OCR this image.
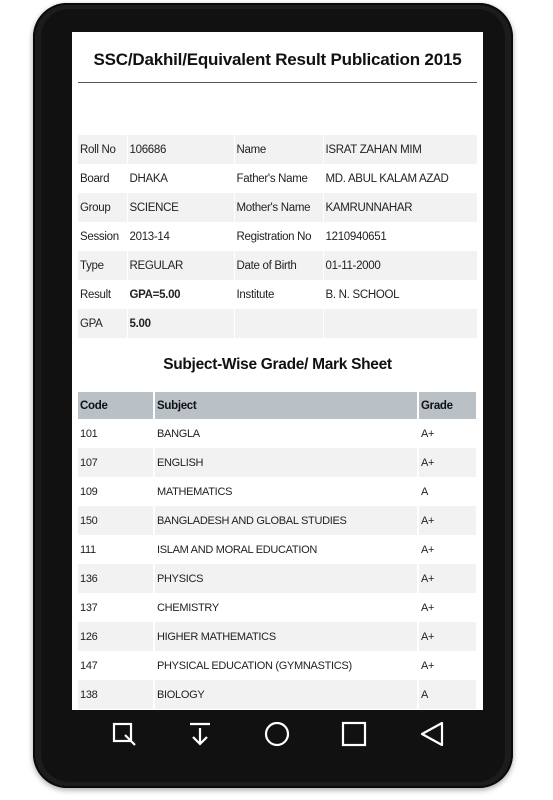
SSC/Dakhil/Equivalent Result Publication 2015
Roll No	106686	Name	ISRAT ZAHAN MIM
Board	DHAKA	Father's Name	MD. ABUL KALAM AZAD
Group	SCIENCE	Mother's Name	KAMRUNNAHAR
Session	2013-14	Registration No	1210940651
Type	REGULAR	Date of Birth	01-11-2000
Result	GPA=5.00	Institute	B. N. SCHOOL
GPA	5.00		
Subject-Wise Grade/ Mark Sheet
Code	Subject	Grade
101	BANGLA	A+
107	ENGLISH	A+
109	MATHEMATICS	A
150	BANGLADESH AND GLOBAL STUDIES	A+
111	ISLAM AND MORAL EDUCATION	A+
136	PHYSICS	A+
137	CHEMISTRY	A+
126	HIGHER MATHEMATICS	A+
147	PHYSICAL EDUCATION (GYMNASTICS)	A+
138	BIOLOGY	A
